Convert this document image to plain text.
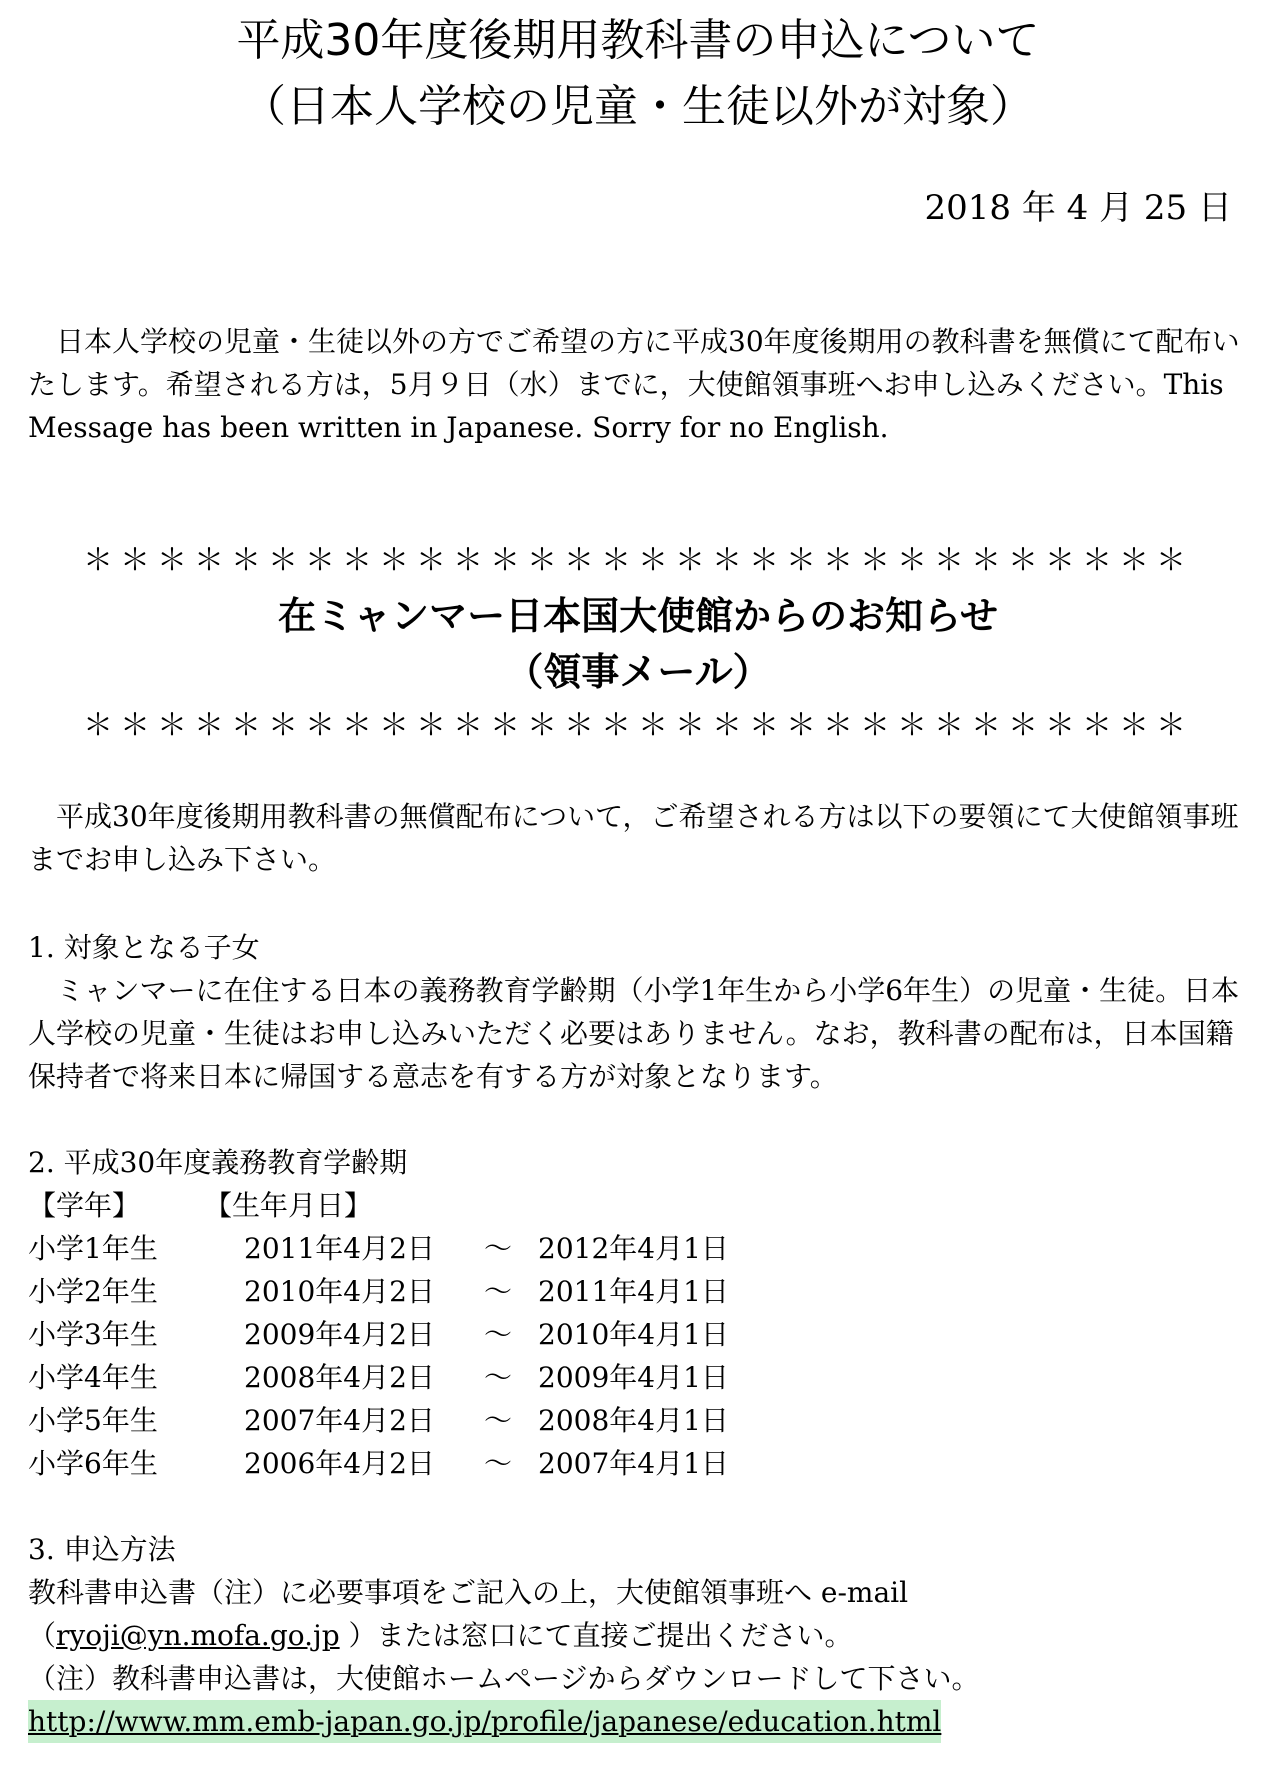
平成30年度後期用教科書の申込について
（日本人学校の児童・生徒以外が対象）
2018 年 4 月 25 日
　日本人学校の児童・生徒以外の方でご希望の方に平成30年度後期用の教科書を無償にて配布いたします。希望される方は，5月９日（水）までに，大使館領事班へお申し込みください。This Message has been written in Japanese. Sorry for no English.
＊＊＊＊＊＊＊＊＊＊＊＊＊＊＊＊＊＊＊＊＊＊＊＊＊＊＊＊＊＊
在ミャンマー日本国大使館からのお知らせ
（領事メール）
＊＊＊＊＊＊＊＊＊＊＊＊＊＊＊＊＊＊＊＊＊＊＊＊＊＊＊＊＊＊
　平成30年度後期用教科書の無償配布について，ご希望される方は以下の要領にて大使館領事班までお申し込み下さい。
1. 対象となる子女
　ミャンマーに在住する日本の義務教育学齢期（小学1年生から小学6年生）の児童・生徒。日本人学校の児童・生徒はお申し込みいただく必要はありません。なお，教科書の配布は，日本国籍保持者で将来日本に帰国する意志を有する方が対象となります。
2. 平成30年度義務教育学齢期
【学年】 【生年月日】
小学1年生	2011年4月2日 ～ 2012年4月1日
小学2年生	2010年4月2日 ～ 2011年4月1日
小学3年生	2009年4月2日 ～ 2010年4月1日
小学4年生	2008年4月2日 ～ 2009年4月1日
小学5年生	2007年4月2日 ～ 2008年4月1日
小学6年生	2006年4月2日 ～ 2007年4月1日
3. 申込方法
教科書申込書（注）に必要事項をご記入の上，大使館領事班へ e-mail
（ryoji@yn.mofa.go.jp ）または窓口にて直接ご提出ください。
（注）教科書申込書は，大使館ホームページからダウンロードして下さい。
http://www.mm.emb-japan.go.jp/profile/japanese/education.html
